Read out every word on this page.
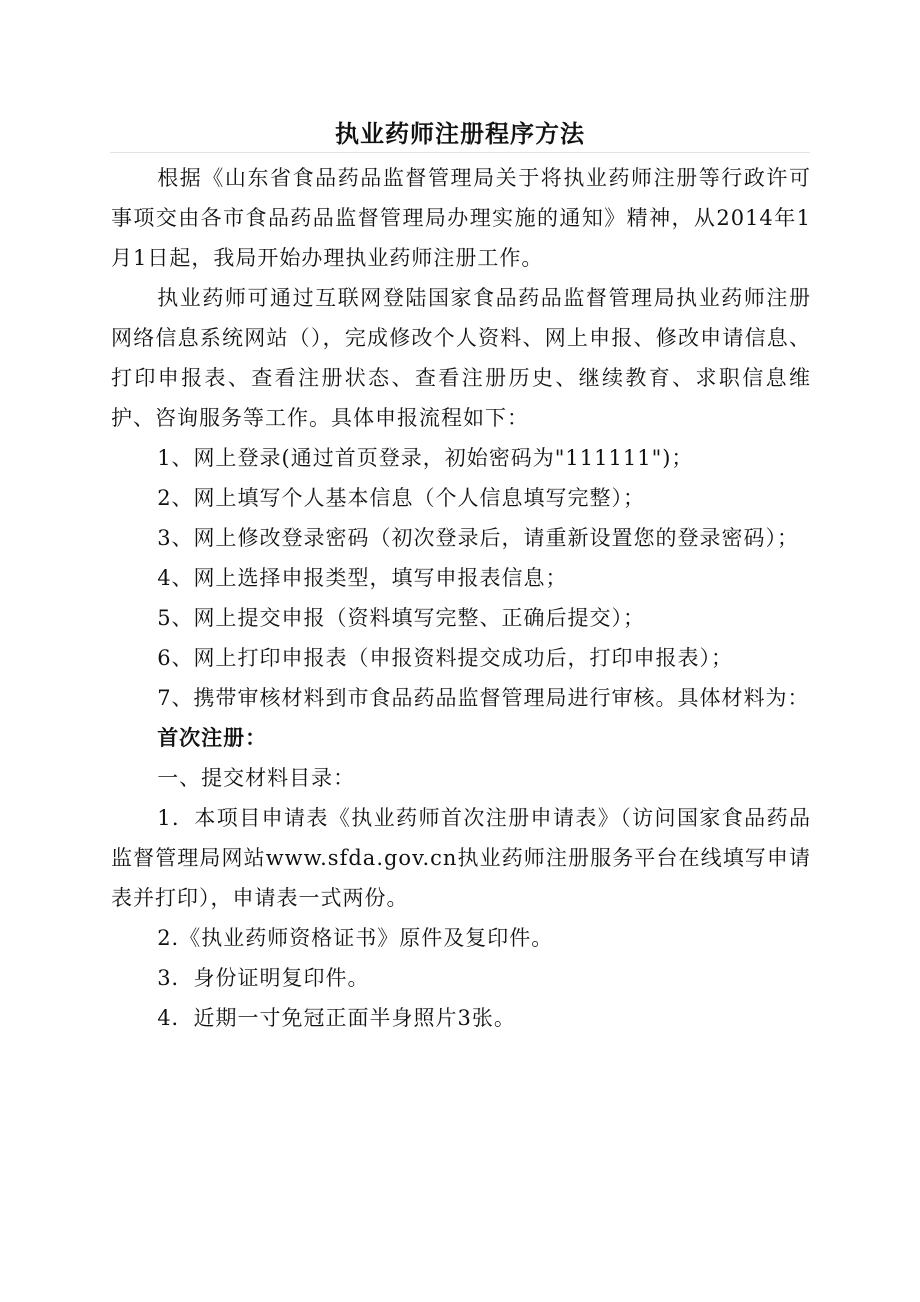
执业药师注册程序方法

根据《山东省食品药品监督管理局关于将执业药师注册等行政许可事项交由各市食品药品监督管理局办理实施的通知》精神，从2014年1月1日起，我局开始办理执业药师注册工作。

执业药师可通过互联网登陆国家食品药品监督管理局执业药师注册网络信息系统网站（），完成修改个人资料、网上申报、修改申请信息、打印申报表、查看注册状态、查看注册历史、继续教育、求职信息维护、咨询服务等工作。具体申报流程如下：

1、网上登录(通过首页登录，初始密码为"111111")；

2、网上填写个人基本信息（个人信息填写完整）；

3、网上修改登录密码（初次登录后，请重新设置您的登录密码）；

4、网上选择申报类型，填写申报表信息；

5、网上提交申报（资料填写完整、正确后提交）；

6、网上打印申报表（申报资料提交成功后，打印申报表）；

7、携带审核材料到市食品药品监督管理局进行审核。具体材料为：

首次注册：

一、提交材料目录：

1．本项目申请表《执业药师首次注册申请表》（访问国家食品药品监督管理局网站www.sfda.gov.cn执业药师注册服务平台在线填写申请表并打印），申请表一式两份。

2.《执业药师资格证书》原件及复印件。

3．身份证明复印件。

4．近期一寸免冠正面半身照片3张。
